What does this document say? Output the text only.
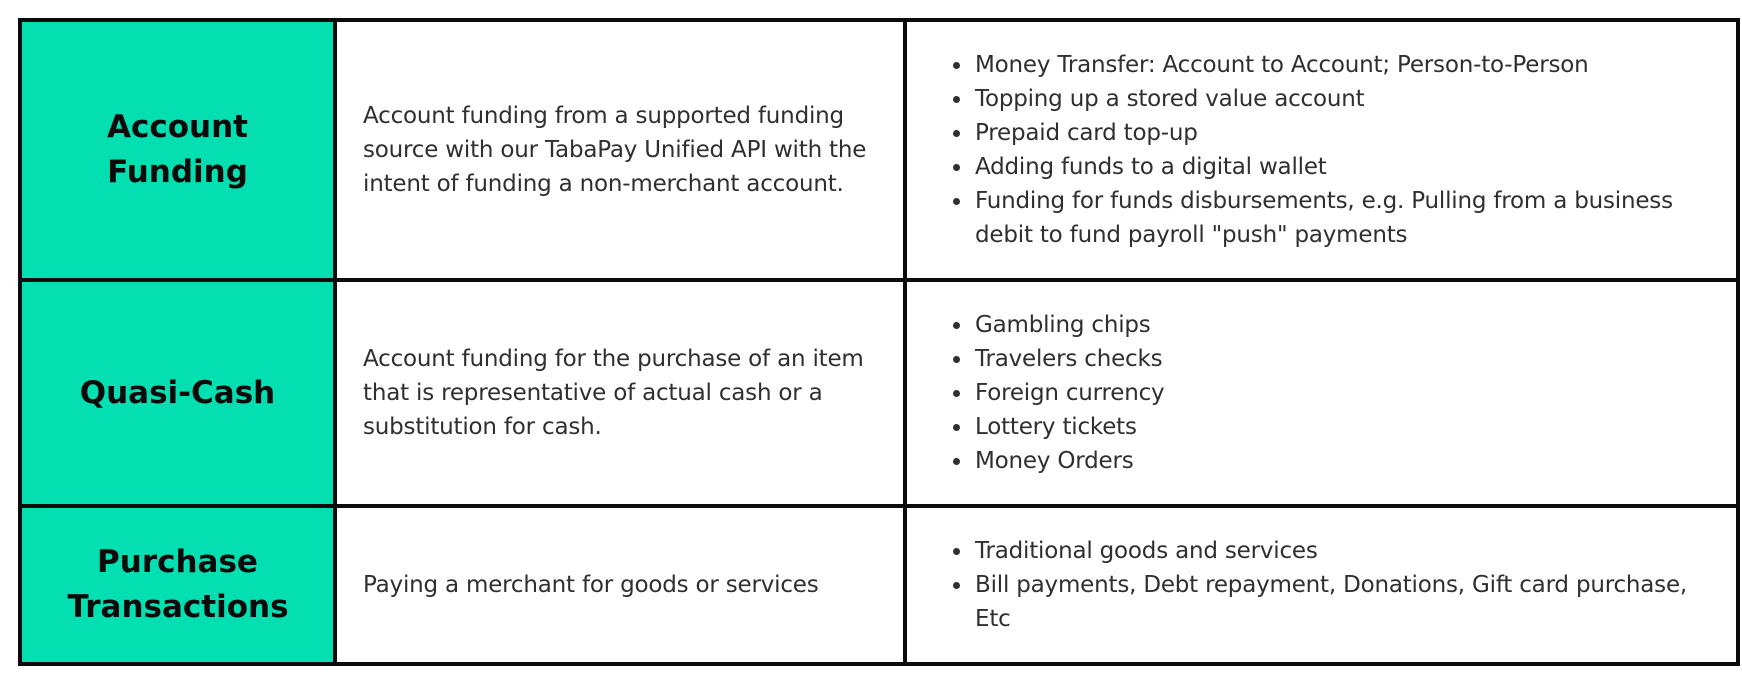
Account Funding
Account funding from a supported funding source with our TabaPay Unified API with the intent of funding a non-merchant account.
• Money Transfer: Account to Account; Person-to-Person
• Topping up a stored value account
• Prepaid card top-up
• Adding funds to a digital wallet
• Funding for funds disbursements, e.g. Pulling from a business debit to fund payroll "push" payments
Quasi-Cash
Account funding for the purchase of an item that is representative of actual cash or a substitution for cash.
• Gambling chips
• Travelers checks
• Foreign currency
• Lottery tickets
• Money Orders
Purchase Transactions
Paying a merchant for goods or services
• Traditional goods and services
• Bill payments, Debt repayment, Donations, Gift card purchase, Etc
